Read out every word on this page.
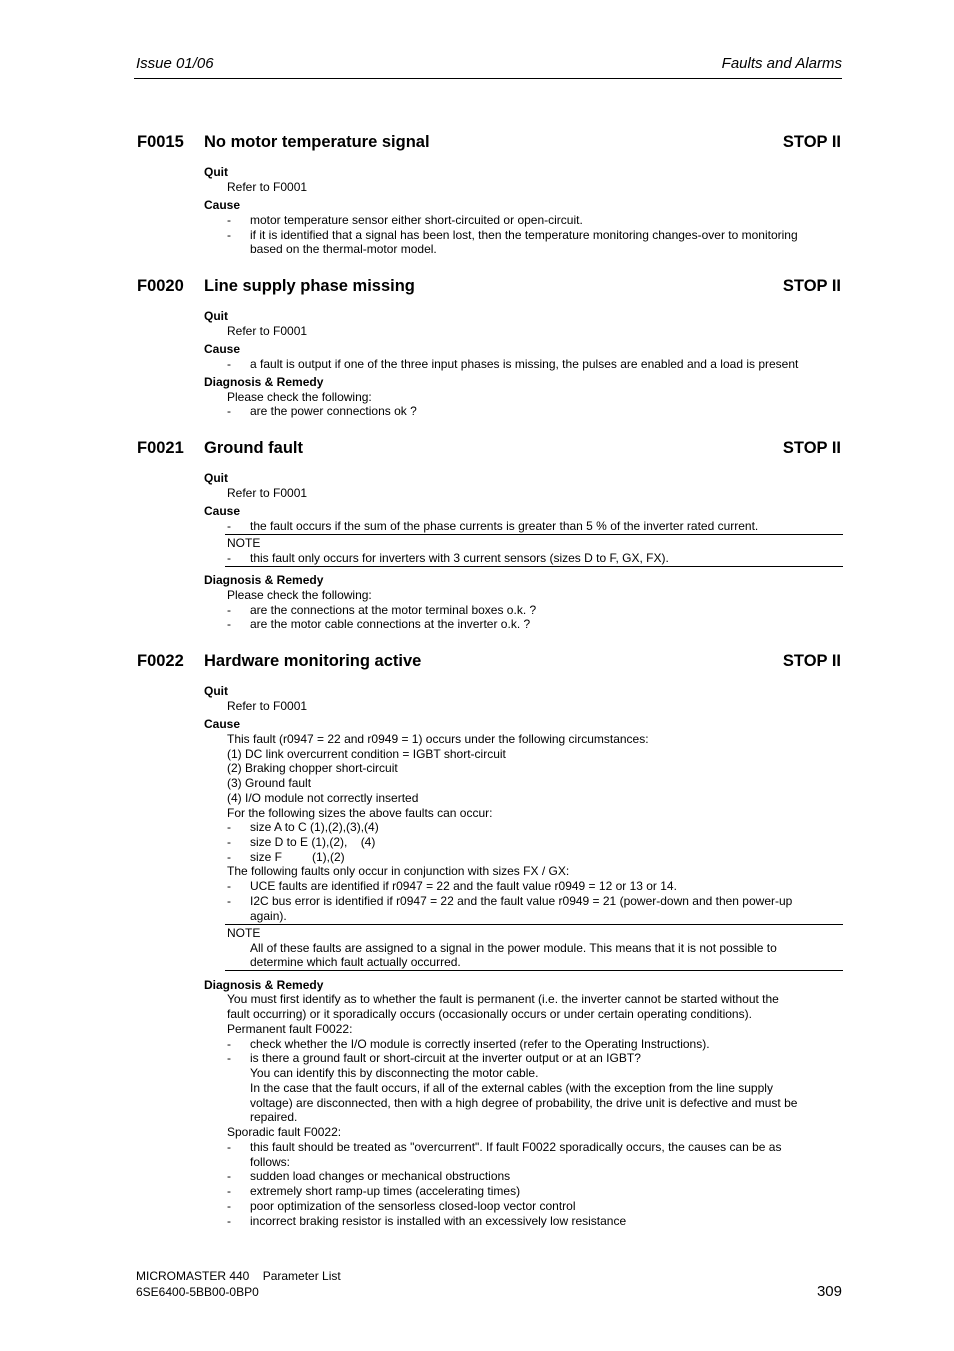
Issue 01/06	Faults and Alarms
F0015 No motor temperature signal	STOP II
Quit
Refer to F0001
Cause
- motor temperature sensor either short-circuited or open-circuit.
- if it is identified that a signal has been lost, then the temperature monitoring changes-over to monitoring
based on the thermal-motor model.
F0020 Line supply phase missing	STOP II
Quit
Refer to F0001
Cause
- a fault is output if one of the three input phases is missing, the pulses are enabled and a load is present
Diagnosis & Remedy
Please check the following:
- are the power connections ok ?
F0021 Ground fault	STOP II
Quit
Refer to F0001
Cause
- the fault occurs if the sum of the phase currents is greater than 5 % of the inverter rated current.
NOTE
- this fault only occurs for inverters with 3 current sensors (sizes D to F, GX, FX).
Diagnosis & Remedy
Please check the following:
- are the connections at the motor terminal boxes o.k. ?
- are the motor cable connections at the inverter o.k. ?
F0022 Hardware monitoring active	STOP II
Quit
Refer to F0001
Cause
This fault (r0947 = 22 and r0949 = 1) occurs under the following circumstances:
(1) DC link overcurrent condition = IGBT short-circuit
(2) Braking chopper short-circuit
(3) Ground fault
(4) I/O module not correctly inserted
For the following sizes the above faults can occur:
- size A to C (1),(2),(3),(4)
- size D to E (1),(2),    (4)
- size F         (1),(2)
The following faults only occur in conjunction with sizes FX / GX:
- UCE faults are identified if r0947 = 22 and the fault value r0949 = 12 or 13 or 14.
- I2C bus error is identified if r0947 = 22 and the fault value r0949 = 21 (power-down and then power-up
again).
NOTE
All of these faults are assigned to a signal in the power module. This means that it is not possible to
determine which fault actually occurred.
Diagnosis & Remedy
You must first identify as to whether the fault is permanent (i.e. the inverter cannot be started without the
fault occurring) or it sporadically occurs (occasionally occurs or under certain operating conditions).
Permanent fault F0022:
- check whether the I/O module is correctly inserted (refer to the Operating Instructions).
- is there a ground fault or short-circuit at the inverter output or at an IGBT?
You can identify this by disconnecting the motor cable.
In the case that the fault occurs, if all of the external cables (with the exception from the line supply
voltage) are disconnected, then with a high degree of probability, the drive unit is defective and must be
repaired.
Sporadic fault F0022:
- this fault should be treated as "overcurrent". If fault F0022 sporadically occurs, the causes can be as
follows:
- sudden load changes or mechanical obstructions
- extremely short ramp-up times (accelerating times)
- poor optimization of the sensorless closed-loop vector control
- incorrect braking resistor is installed with an excessively low resistance
MICROMASTER 440    Parameter List
6SE6400-5BB00-0BP0	309
